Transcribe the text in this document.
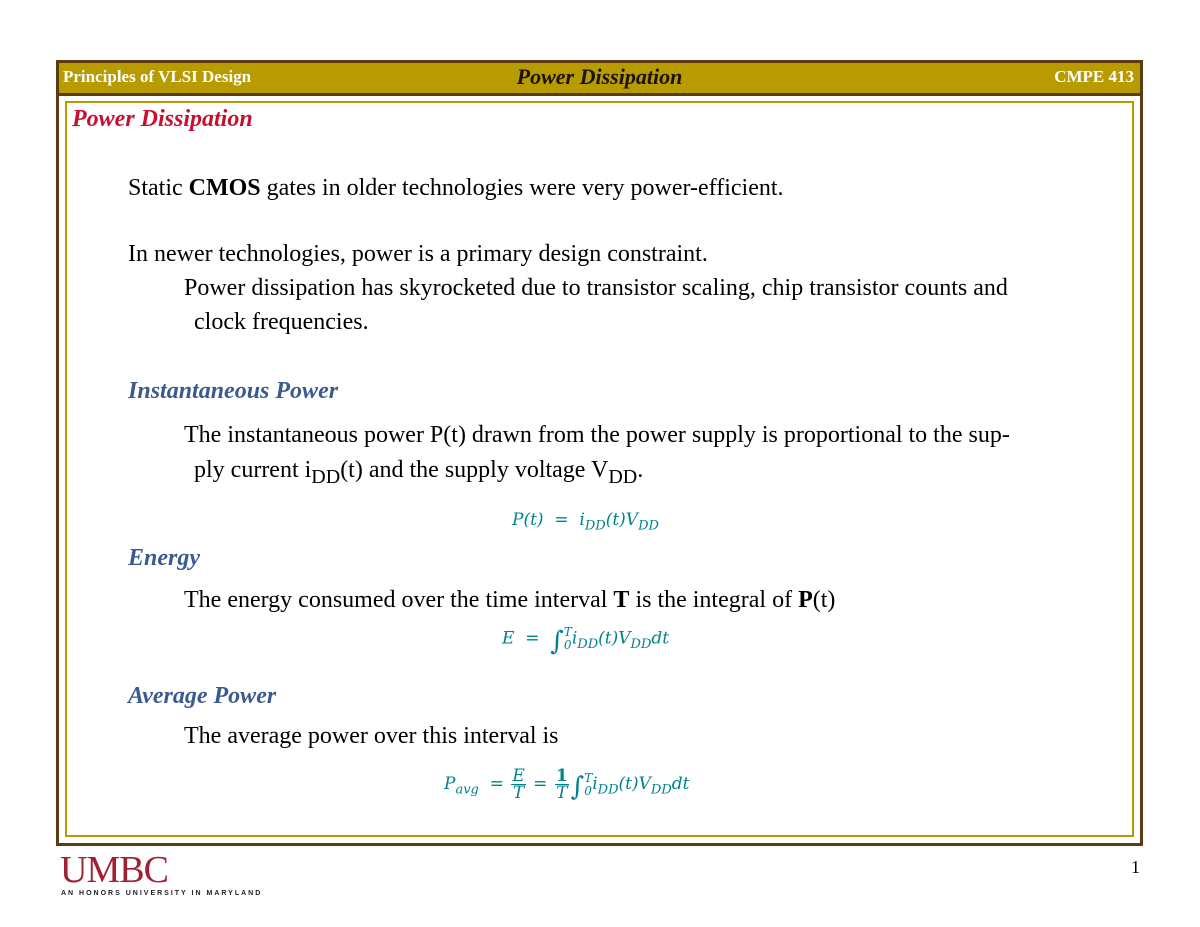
Principles of VLSI Design	Power Dissipation	CMPE 413
Power Dissipation
Static CMOS gates in older technologies were very power-efficient.
In newer technologies, power is a primary design constraint.
Power dissipation has skyrocketed due to transistor scaling, chip transistor counts and
clock frequencies.
Instantaneous Power
The instantaneous power P(t) drawn from the power supply is proportional to the sup-
ply current $i_{DD}(t)$ and the supply voltage $V_{DD}$.
$P(t) = i_{DD}(t)V_{DD}$
Energy
The energy consumed over the time interval T is the integral of P(t)
E  =  ∫T
$0i_{DD}(t)V_{DD}dt$
Average Power
The average power over this interval is
$P_{avg} = \frac{E}{T} = \frac{1}{T} \int T$
$0i_{DD}(t)V_{DD}dt$
UMBC
AN HONORS UNIVERSITY IN MARYLAND
1
